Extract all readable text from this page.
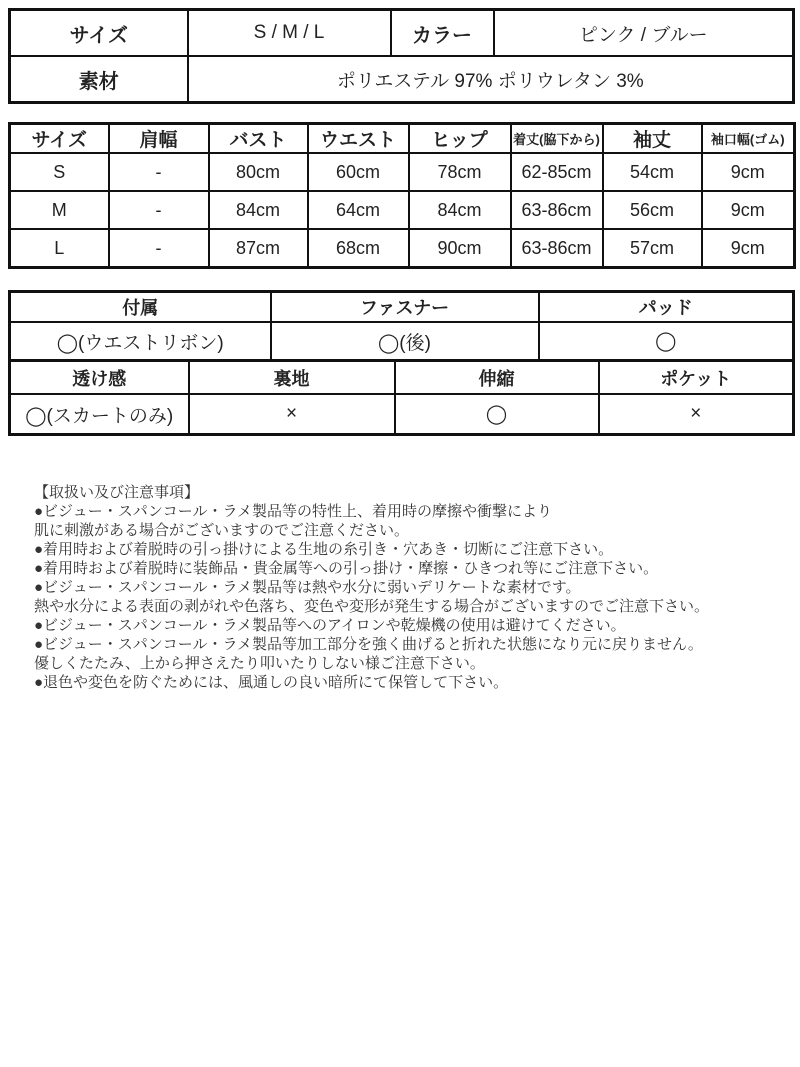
サイズ	S / M / L	カラー	ピンク / ブルー
素材	ポリエステル 97% ポリウレタン 3%		
サイズ	肩幅	バスト	ウエスト	ヒップ	着丈(脇下から)	袖丈	袖口幅(ゴム)
S	-	80cm	60cm	78cm	62-85cm	54cm	9cm
M	-	84cm	64cm	84cm	63-86cm	56cm	9cm
L	-	87cm	68cm	90cm	63-86cm	57cm	9cm
付属	ファスナー	パッド
◯(ウエストリボン)	◯(後)	◯
透け感	裏地	伸縮	ポケット
◯(スカートのみ)	×	◯	×
【取扱い及び注意事項】
●ビジュー・スパンコール・ラメ製品等の特性上、着用時の摩擦や衝撃により
肌に刺激がある場合がございますのでご注意ください。
●着用時および着脱時の引っ掛けによる生地の糸引き・穴あき・切断にご注意下さい。
●着用時および着脱時に装飾品・貴金属等への引っ掛け・摩擦・ひきつれ等にご注意下さい。
●ビジュー・スパンコール・ラメ製品等は熱や水分に弱いデリケートな素材です。
熱や水分による表面の剥がれや色落ち、変色や変形が発生する場合がございますのでご注意下さい。
●ビジュー・スパンコール・ラメ製品等へのアイロンや乾燥機の使用は避けてください。
●ビジュー・スパンコール・ラメ製品等加工部分を強く曲げると折れた状態になり元に戻りません。
優しくたたみ、上から押さえたり叩いたりしない様ご注意下さい。
●退色や変色を防ぐためには、風通しの良い暗所にて保管して下さい。
